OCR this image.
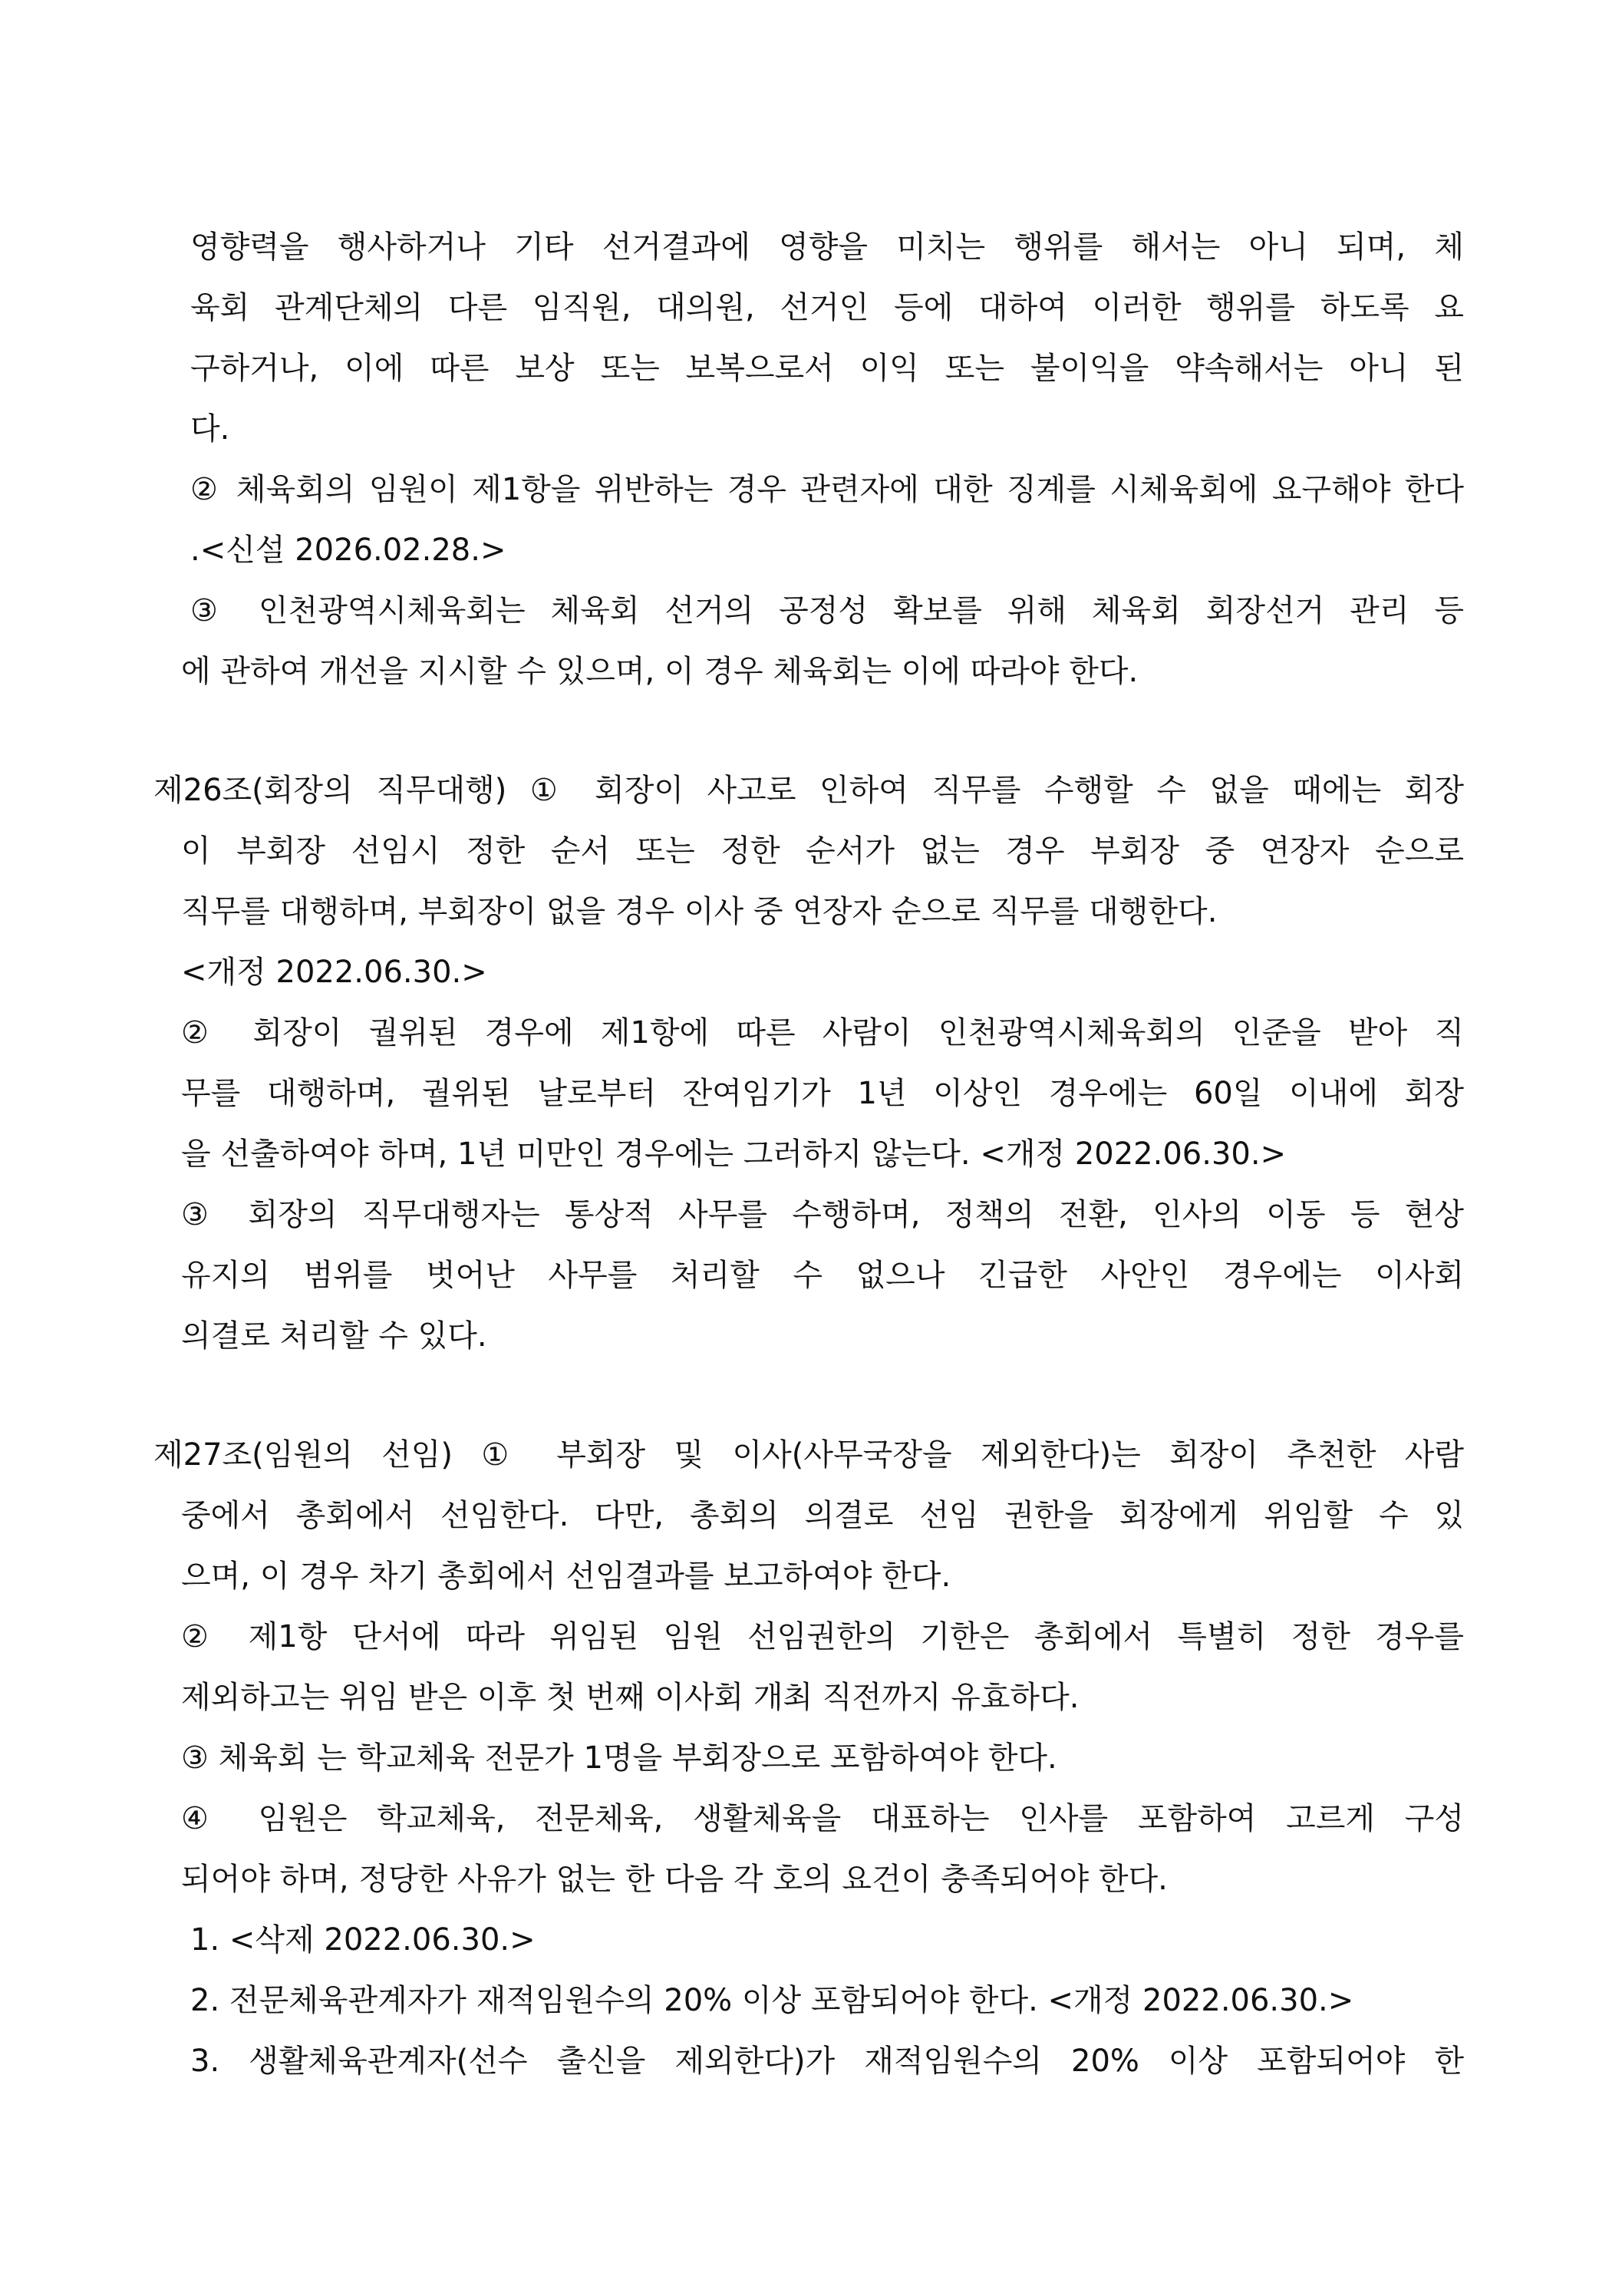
영향력을 행사하거나 기타 선거결과에 영향을 미치는 행위를 해서는 아니 되며, 체
육회 관계단체의 다른 임직원, 대의원, 선거인 등에 대하여 이러한 행위를 하도록 요
구하거나, 이에 따른 보상 또는 보복으로서 이익 또는 불이익을 약속해서는 아니 된
다.
② 체육회의 임원이 제1항을 위반하는 경우 관련자에 대한 징계를 시체육회에 요구해야 한다
.<신설 2026.02.28.>
③ 인천광역시체육회는 체육회 선거의 공정성 확보를 위해 체육회 회장선거 관리 등
에 관하여 개선을 지시할 수 있으며, 이 경우 체육회는 이에 따라야 한다.
제26조(회장의 직무대행) ① 회장이 사고로 인하여 직무를 수행할 수 없을 때에는 회장
이 부회장 선임시 정한 순서 또는 정한 순서가 없는 경우 부회장 중 연장자 순으로
직무를 대행하며, 부회장이 없을 경우 이사 중 연장자 순으로 직무를 대행한다.
<개정 2022.06.30.>
② 회장이 궐위된 경우에 제1항에 따른 사람이 인천광역시체육회의 인준을 받아 직
무를 대행하며, 궐위된 날로부터 잔여임기가 1년 이상인 경우에는 60일 이내에 회장
을 선출하여야 하며, 1년 미만인 경우에는 그러하지 않는다. <개정 2022.06.30.>
③ 회장의 직무대행자는 통상적 사무를 수행하며, 정책의 전환, 인사의 이동 등 현상
유지의 범위를 벗어난 사무를 처리할 수 없으나 긴급한 사안인 경우에는 이사회
의결로 처리할 수 있다.
제27조(임원의 선임) ① 부회장 및 이사(사무국장을 제외한다)는 회장이 추천한 사람
중에서 총회에서 선임한다. 다만, 총회의 의결로 선임 권한을 회장에게 위임할 수 있
으며, 이 경우 차기 총회에서 선임결과를 보고하여야 한다.
② 제1항 단서에 따라 위임된 임원 선임권한의 기한은 총회에서 특별히 정한 경우를
제외하고는 위임 받은 이후 첫 번째 이사회 개최 직전까지 유효하다.
③ 체육회 는 학교체육 전문가 1명을 부회장으로 포함하여야 한다.
④ 임원은 학교체육, 전문체육, 생활체육을 대표하는 인사를 포함하여 고르게 구성
되어야 하며, 정당한 사유가 없는 한 다음 각 호의 요건이 충족되어야 한다.
1. <삭제 2022.06.30.>
2. 전문체육관계자가 재적임원수의 20% 이상 포함되어야 한다. <개정 2022.06.30.>
3. 생활체육관계자(선수 출신을 제외한다)가 재적임원수의 20% 이상 포함되어야 한
